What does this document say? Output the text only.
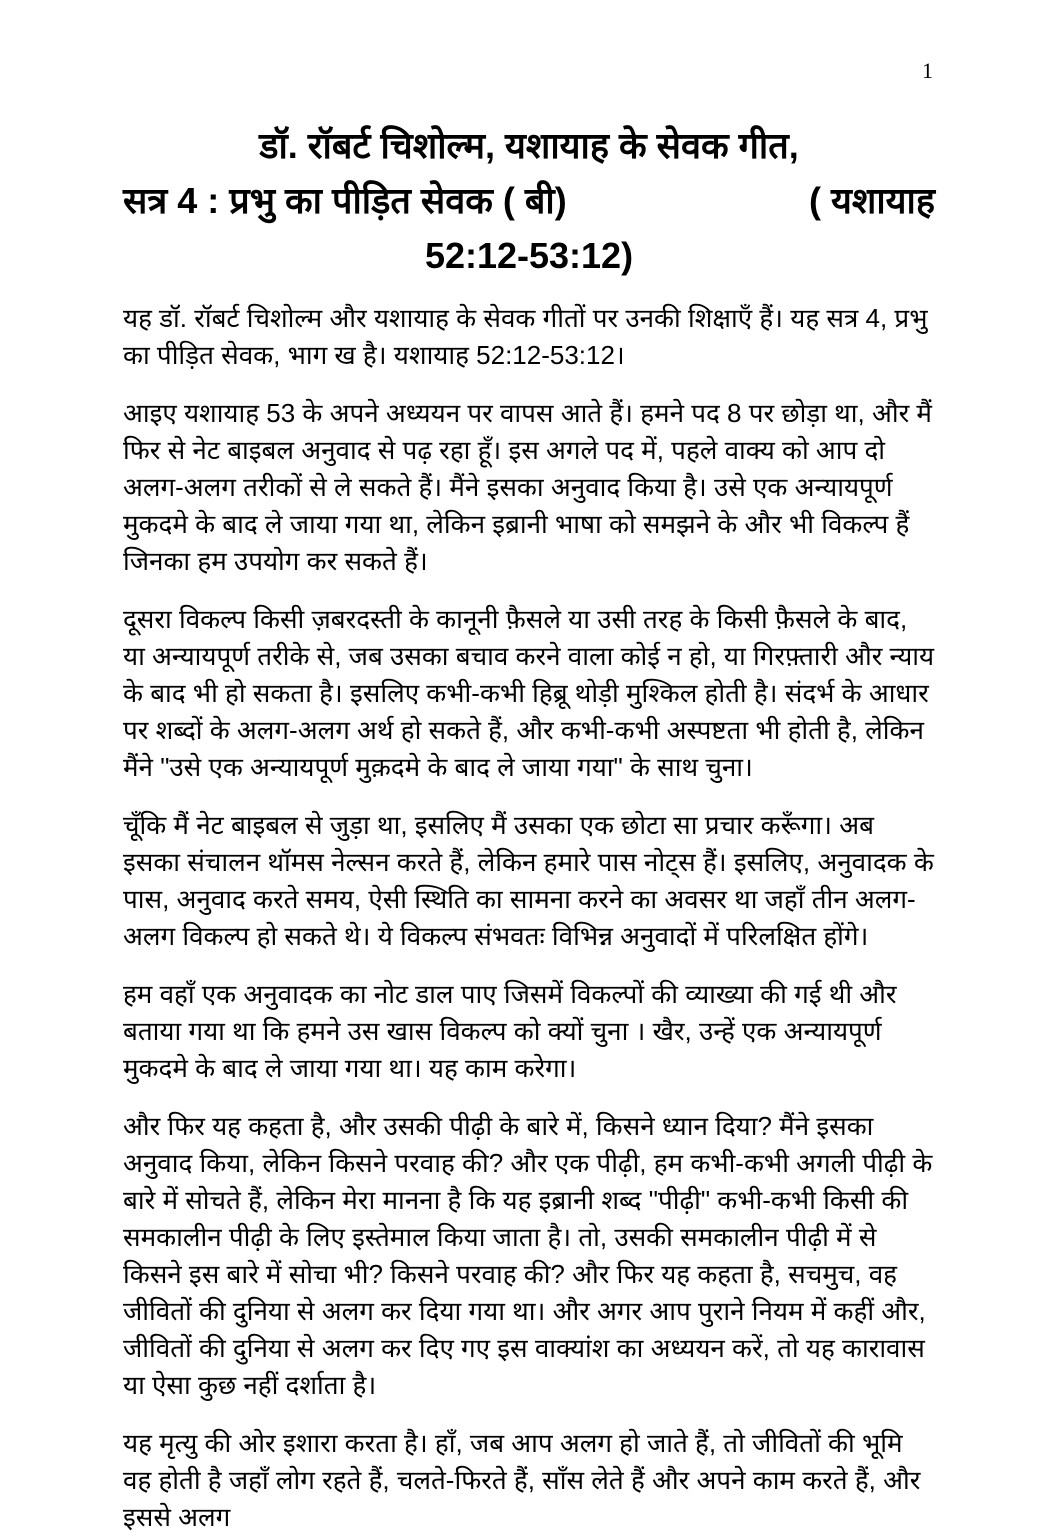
1
डॉ. रॉबर्ट चिशोल्म, यशायाह के सेवक गीत,
सत्र 4 : प्रभु का पीड़ित सेवक ( बी)	( यशायाह
52:12-53:12)

यह डॉ. रॉबर्ट चिशोल्म और यशायाह के सेवक गीतों पर उनकी शिक्षाएँ हैं। यह सत्र 4, प्रभु का पीड़ित सेवक, भाग ख है। यशायाह 52:12-53:12।

आइए यशायाह 53 के अपने अध्ययन पर वापस आते हैं। हमने पद 8 पर छोड़ा था, और मैं फिर से नेट बाइबल अनुवाद से पढ़ रहा हूँ। इस अगले पद में, पहले वाक्य को आप दो अलग-अलग तरीकों से ले सकते हैं। मैंने इसका अनुवाद किया है। उसे एक अन्यायपूर्ण मुकदमे के बाद ले जाया गया था, लेकिन इब्रानी भाषा को समझने के और भी विकल्प हैं जिनका हम उपयोग कर सकते हैं।

दूसरा विकल्प किसी ज़बरदस्ती के कानूनी फ़ैसले या उसी तरह के किसी फ़ैसले के बाद, या अन्यायपूर्ण तरीके से, जब उसका बचाव करने वाला कोई न हो, या गिरफ़्तारी और न्याय के बाद भी हो सकता है। इसलिए कभी-कभी हिब्रू थोड़ी मुश्किल होती है। संदर्भ के आधार पर शब्दों के अलग-अलग अर्थ हो सकते हैं, और कभी-कभी अस्पष्टता भी होती है, लेकिन मैंने "उसे एक अन्यायपूर्ण मुक़दमे के बाद ले जाया गया" के साथ चुना।

चूँकि मैं नेट बाइबल से जुड़ा था, इसलिए मैं उसका एक छोटा सा प्रचार करूँगा। अब इसका संचालन थॉमस नेल्सन करते हैं, लेकिन हमारे पास नोट्स हैं। इसलिए, अनुवादक के पास, अनुवाद करते समय, ऐसी स्थिति का सामना करने का अवसर था जहाँ तीन अलग-अलग विकल्प हो सकते थे। ये विकल्प संभवतः विभिन्न अनुवादों में परिलक्षित होंगे।

हम वहाँ एक अनुवादक का नोट डाल पाए जिसमें विकल्पों की व्याख्या की गई थी और बताया गया था कि हमने उस खास विकल्प को क्यों चुना । खैर, उन्हें एक अन्यायपूर्ण मुकदमे के बाद ले जाया गया था। यह काम करेगा।

और फिर यह कहता है, और उसकी पीढ़ी के बारे में, किसने ध्यान दिया? मैंने इसका अनुवाद किया, लेकिन किसने परवाह की? और एक पीढ़ी, हम कभी-कभी अगली पीढ़ी के बारे में सोचते हैं, लेकिन मेरा मानना है कि यह इब्रानी शब्द "पीढ़ी" कभी-कभी किसी की समकालीन पीढ़ी के लिए इस्तेमाल किया जाता है। तो, उसकी समकालीन पीढ़ी में से किसने इस बारे में सोचा भी? किसने परवाह की? और फिर यह कहता है, सचमुच, वह जीवितों की दुनिया से अलग कर दिया गया था। और अगर आप पुराने नियम में कहीं और, जीवितों की दुनिया से अलग कर दिए गए इस वाक्यांश का अध्ययन करें, तो यह कारावास या ऐसा कुछ नहीं दर्शाता है।

यह मृत्यु की ओर इशारा करता है। हाँ, जब आप अलग हो जाते हैं, तो जीवितों की भूमि वह होती है जहाँ लोग रहते हैं, चलते-फिरते हैं, साँस लेते हैं और अपने काम करते हैं, और इससे अलग
